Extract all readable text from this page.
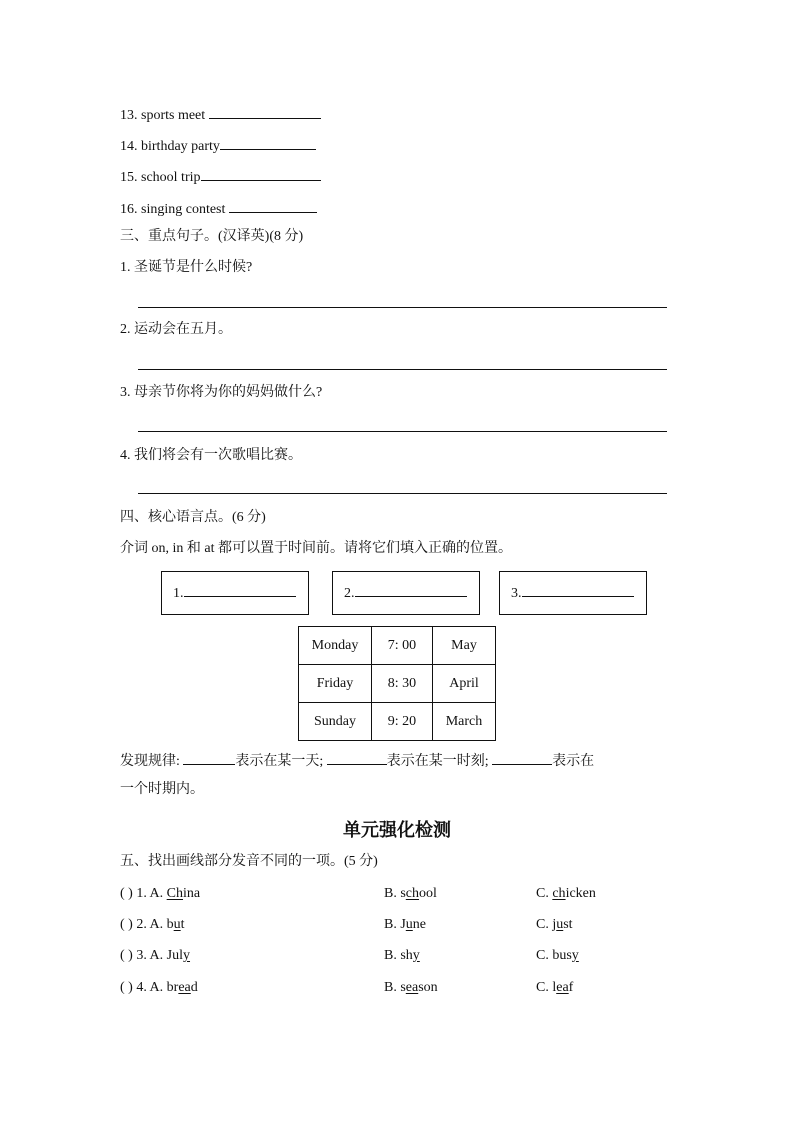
13. sports meet
14. birthday party
15. school trip
16. singing contest
三、重点句子。(汉译英)(8 分)
1. 圣诞节是什么时候?
2. 运动会在五月。
3. 母亲节你将为你的妈妈做什么?
4. 我们将会有一次歌唱比赛。
四、核心语言点。(6 分)
介词 on, in 和 at 都可以置于时间前。请将它们填入正确的位置。
1.	2.	3.
Monday	7: 00	May
Friday	8: 30	April
Sunday	9: 20	March
发现规律:	表示在某一天;	表示在某一时刻;	表示在
一个时期内。
单元强化检测
五、找出画线部分发音不同的一项。(5 分)
( ) 1. A. China	B. school	C. chicken
( ) 2. A. but	B. June	C. just
( ) 3. A. July	B. shy	C. busy
( ) 4. A. bread	B. season	C. leaf
